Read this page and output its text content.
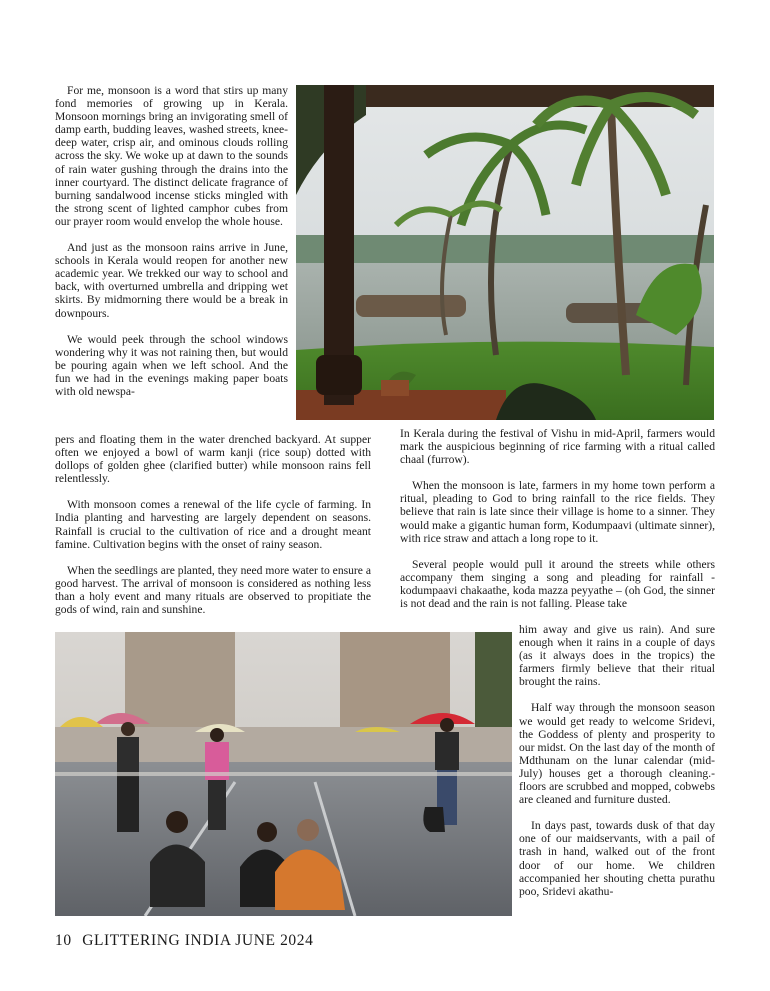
For me, monsoon is a word that stirs up many fond memories of growing up in Kerala. Monsoon mornings bring an invigorating smell of damp earth, budding leaves, washed streets, knee-deep water, crisp air, and ominous clouds rolling across the sky. We woke up at dawn to the sounds of rain water gushing through the drains into the inner courtyard. The distinct delicate fragrance of burning sandalwood incense sticks mingled with the strong scent of lighted camphor cubes from our prayer room would envelop the whole house.

And just as the monsoon rains arrive in June, schools in Kerala would reopen for another new academic year. We trekked our way to school and back, with overturned umbrella and dripping wet skirts. By midmorning there would be a break in downpours.

We would peek through the school windows wondering why it was not raining then, but would be pouring again when we left school. And the fun we had in the evenings making paper boats with old newspa-

pers and floating them in the water drenched backyard. At supper often we enjoyed a bowl of warm kanji (rice soup) dotted with dollops of golden ghee (clarified butter) while monsoon rains fell relentlessly.

With monsoon comes a renewal of the life cycle of farming. In India planting and harvesting are largely dependent on seasons. Rainfall is crucial to the cultivation of rice and a drought meant famine. Cultivation begins with the onset of rainy season.

When the seedlings are planted, they need more water to ensure a good harvest. The arrival of monsoon is considered as nothing less than a holy event and many rituals are observed to propitiate the gods of wind, rain and sunshine.

In Kerala during the festival of Vishu in mid-April, farmers would mark the auspicious beginning of rice farming with a ritual called chaal (furrow).

When the monsoon is late, farmers in my home town perform a ritual, pleading to God to bring rainfall to the rice fields. They believe that rain is late since their village is home to a sinner. They would make a gigantic human form, Kodumpaavi (ultimate sinner), with rice straw and attach a long rope to it.

Several people would pull it around the streets while others accompany them singing a song and pleading for rainfall -kodumpaavi chakaathe, koda mazza peyyathe – (oh God, the sinner is not dead and the rain is not falling. Please take

him away and give us rain). And sure enough when it rains in a couple of days (as it always does in the tropics) the farmers firmly believe that their ritual brought the rains.

Half way through the monsoon season we would get ready to welcome Sridevi, the Goddess of plenty and prosperity to our midst. On the last day of the month of Mdthunam on the lunar calendar (mid-July) houses get a thorough cleaning.- floors are scrubbed and mopped, cobwebs are cleaned and furniture dusted.

In days past, towards dusk of that day one of our maidservants, with a pail of trash in hand, walked out of the front door of our home. We children accompanied her shouting chetta purathu poo, Sridevi akathu-

10 GLITTERING INDIA JUNE 2024
